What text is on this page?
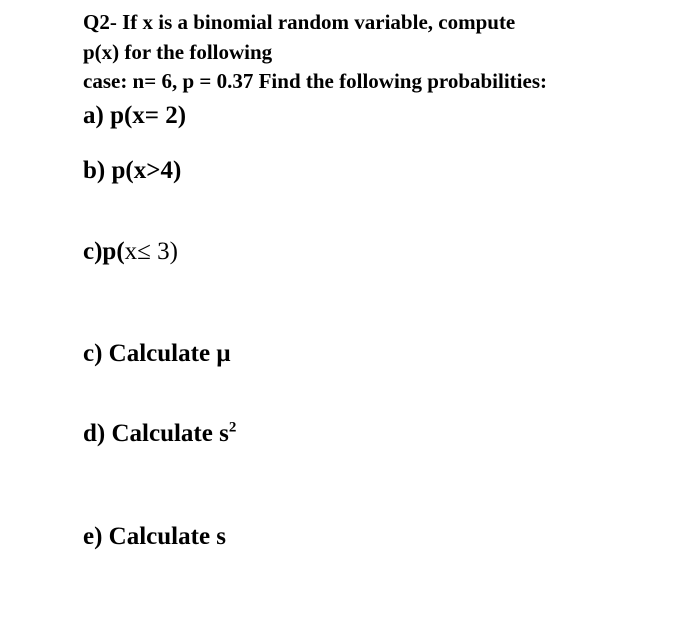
Q2- If x is a binomial random variable, compute

p(x) for the following

case: n= 6, p = 0.37 Find the following probabilities:

a) p(x= 2)

b) p(x>4)

c)p(x≤ 3)

c) Calculate µ

d) Calculate $s^2$

e) Calculate s
